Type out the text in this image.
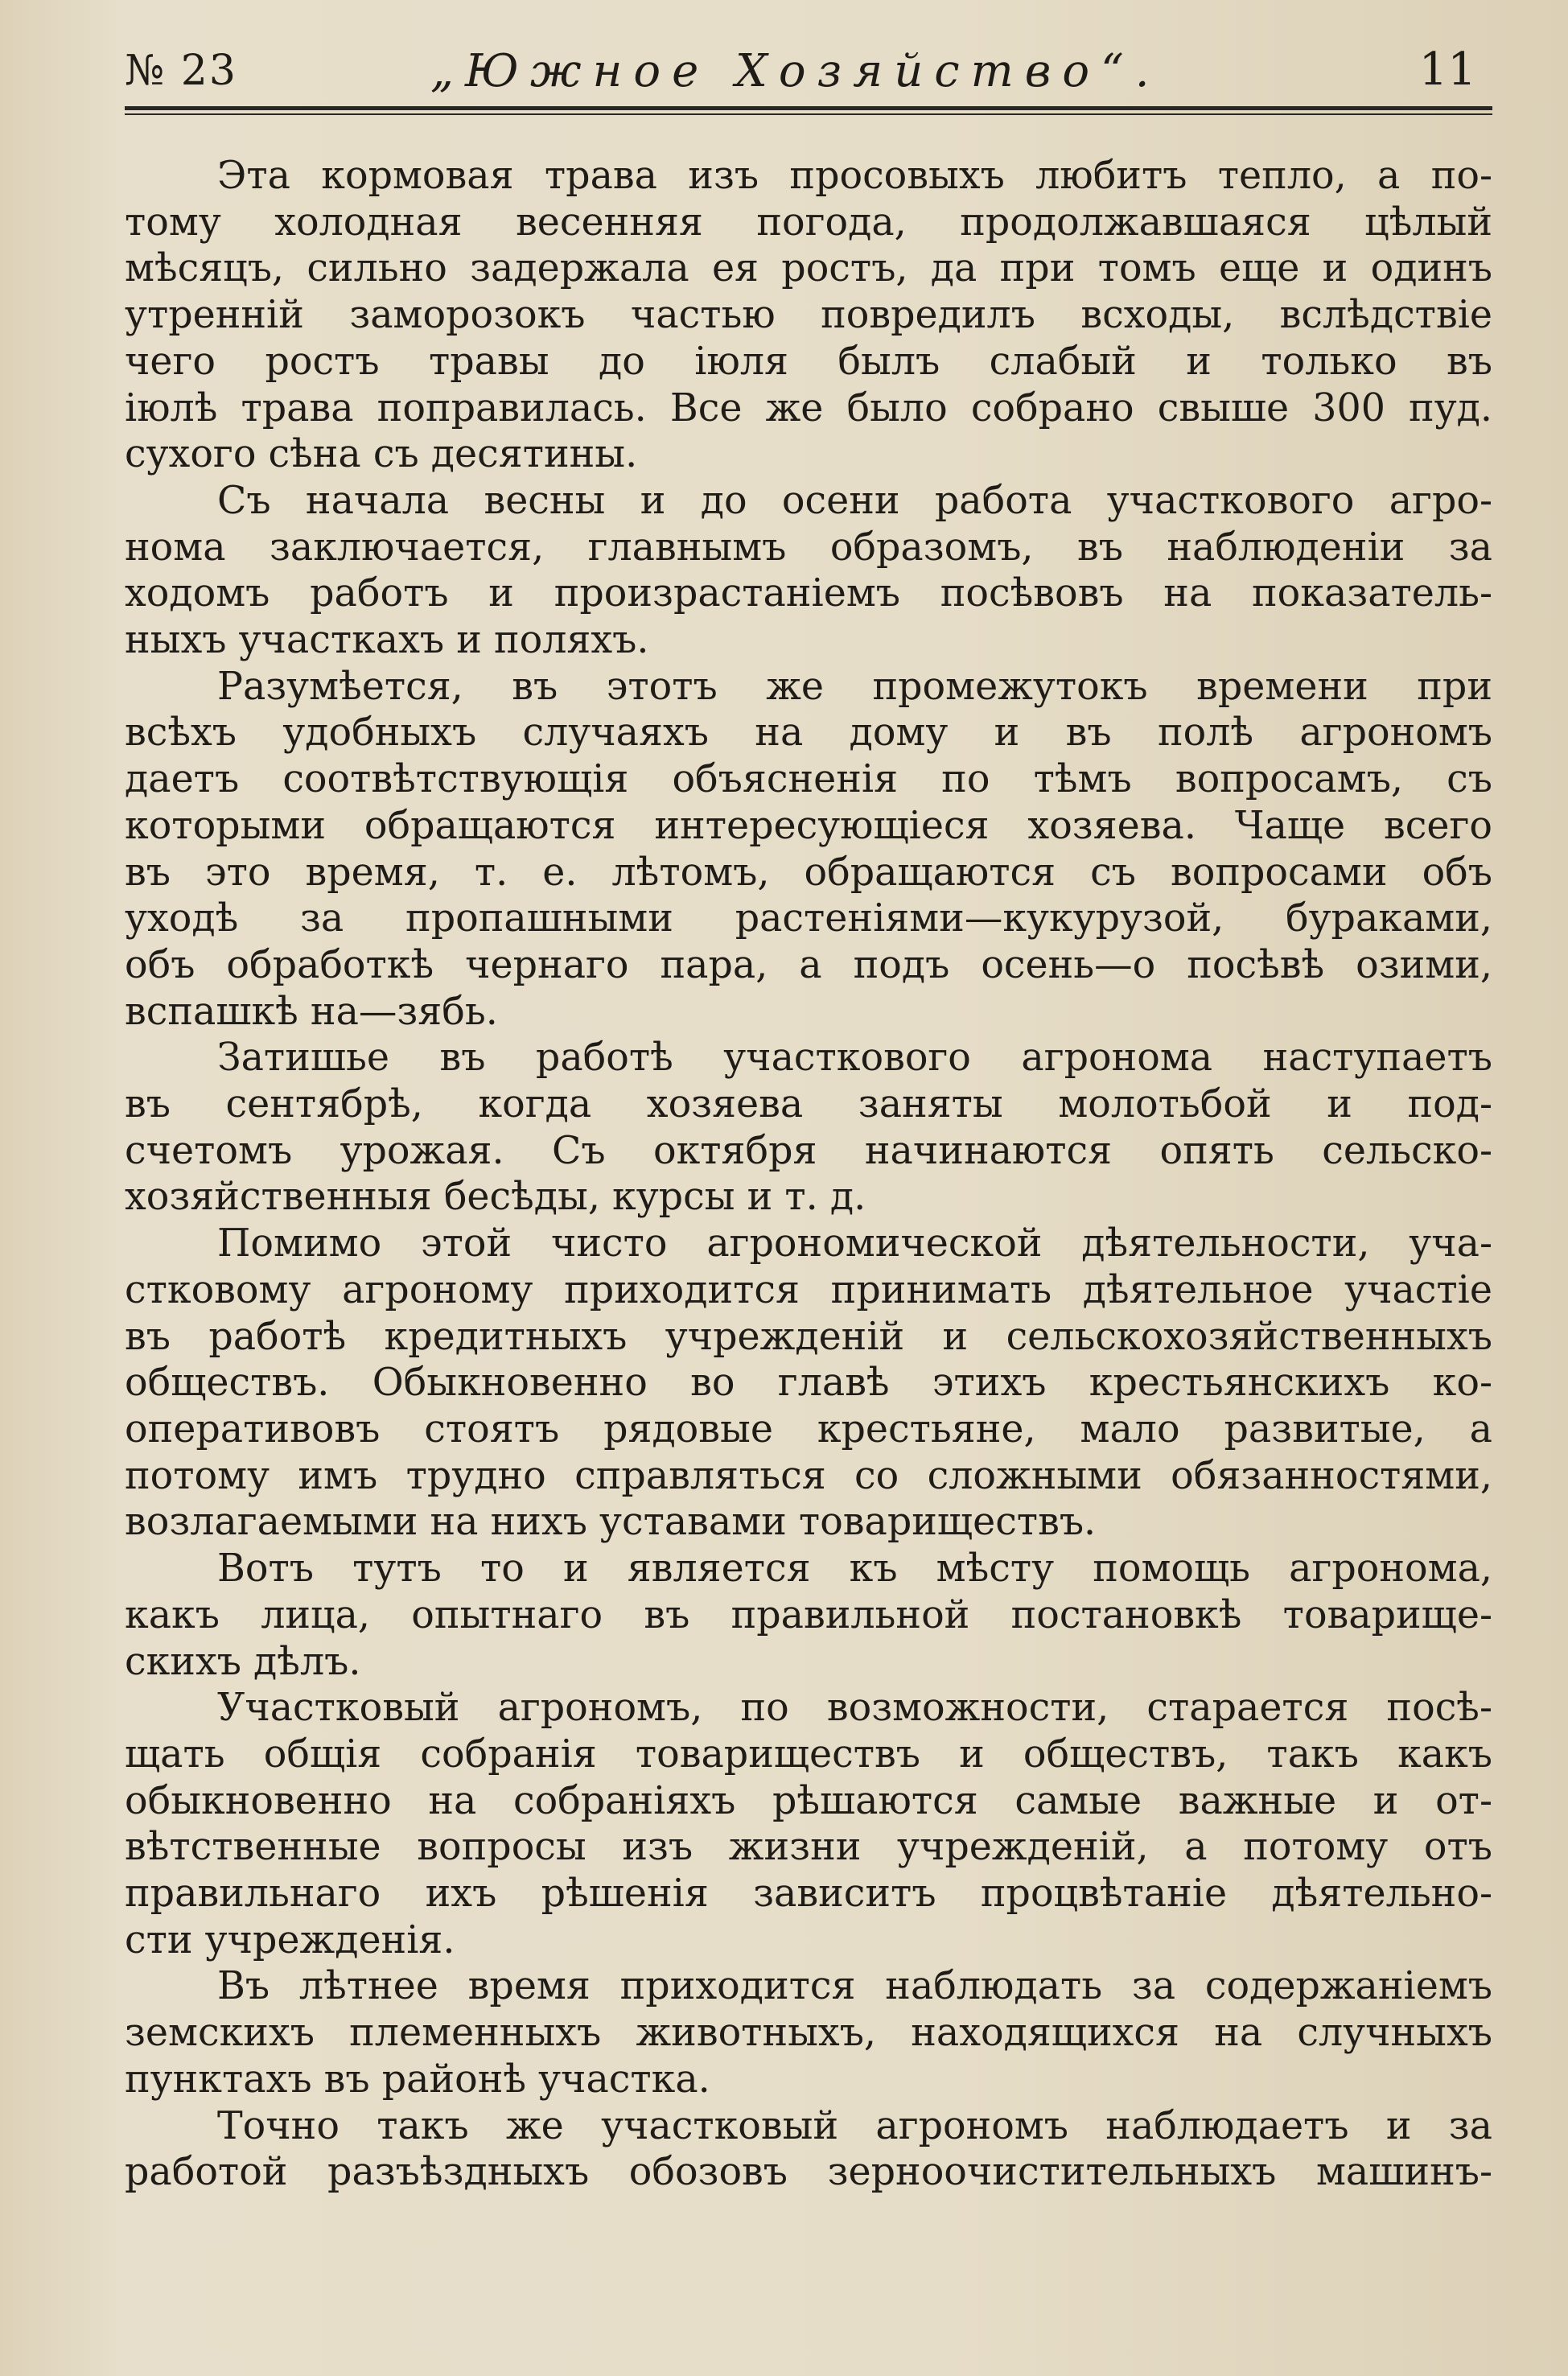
№ 23	„Южное Хозяйство“.	11
Эта кормовая трава изъ просовыхъ любитъ тепло, а по-
тому холодная весенняя погода, продолжавшаяся цѣлый
мѣсяцъ, сильно задержала ея ростъ, да при томъ еще и одинъ
утренній заморозокъ частью повредилъ всходы, вслѣдствіе
чего ростъ травы до іюля былъ слабый и только въ
іюлѣ трава поправилась. Все же было собрано свыше 300 пуд.
сухого сѣна съ десятины.
Съ начала весны и до осени работа участкового агро-
нома заключается, главнымъ образомъ, въ наблюденіи за
ходомъ работъ и произрастаніемъ посѣвовъ на показатель-
ныхъ участкахъ и поляхъ.
Разумѣется, въ этотъ же промежутокъ времени при
всѣхъ удобныхъ случаяхъ на дому и въ полѣ агрономъ
даетъ соотвѣтствующія объясненія по тѣмъ вопросамъ, съ
которыми обращаются интересующіеся хозяева. Чаще всего
въ это время, т. е. лѣтомъ, обращаются съ вопросами объ
уходѣ за пропашными растеніями—кукурузой, бураками,
объ обработкѣ чернаго пара, а подъ осень—о посѣвѣ озими,
вспашкѣ на—зябь.
Затишье въ работѣ участкового агронома наступаетъ
въ сентябрѣ, когда хозяева заняты молотьбой и под-
счетомъ урожая. Съ октября начинаются опять сельско-
хозяйственныя бесѣды, курсы и т. д.
Помимо этой чисто агрономической дѣятельности, уча-
стковому агроному приходится принимать дѣятельное участіе
въ работѣ кредитныхъ учрежденій и сельскохозяйственныхъ
обществъ. Обыкновенно во главѣ этихъ крестьянскихъ ко-
оперативовъ стоятъ рядовые крестьяне, мало развитые, а
потому имъ трудно справляться со сложными обязанностями,
возлагаемыми на нихъ уставами товариществъ.
Вотъ тутъ то и является къ мѣсту помощь агронома,
какъ лица, опытнаго въ правильной постановкѣ товарище-
скихъ дѣлъ.
Участковый агрономъ, по возможности, старается посѣ-
щать общія собранія товариществъ и обществъ, такъ какъ
обыкновенно на собраніяхъ рѣшаются самые важные и от-
вѣтственные вопросы изъ жизни учрежденій, а потому отъ
правильнаго ихъ рѣшенія зависитъ процвѣтаніе дѣятельно-
сти учрежденія.
Въ лѣтнее время приходится наблюдать за содержаніемъ
земскихъ племенныхъ животныхъ, находящихся на случныхъ
пунктахъ въ районѣ участка.
Точно такъ же участковый агрономъ наблюдаетъ и за
работой разъѣздныхъ обозовъ зерноочистительныхъ машинъ-
